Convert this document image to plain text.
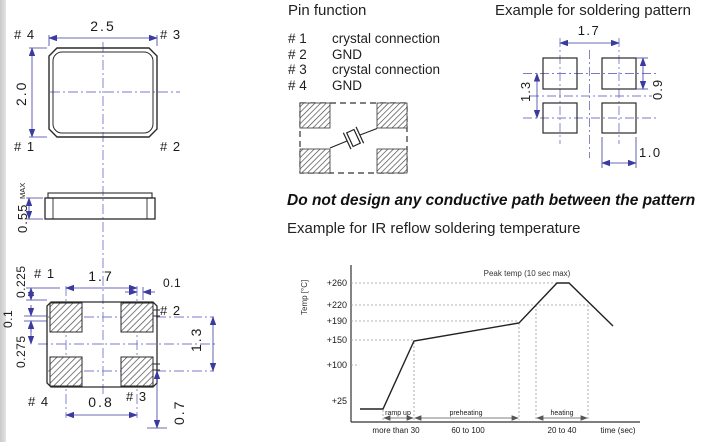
2.5
2.0
# 4	# 3
# 1	# 2
0.55
MAX
# 1 1.7	0.1
0.225
0.1
0.275
# 2
1.3
# 4	0.8 # 3
0.7
Pin function
# 1	crystal connection
# 2	GND
# 3	crystal connection
# 4	GND
Example for soldering pattern
1.7
1.3	0.9
1.0
Do not design any conductive path between the pattern
Example for IR reflow soldering temperature
+260
+220
+190
+150
+100
+25
Temp [°C]
Peak temp (10 sec max)
ramp up	preheating	heating
more than 30	60 to 100	20 to 40	time (sec)
